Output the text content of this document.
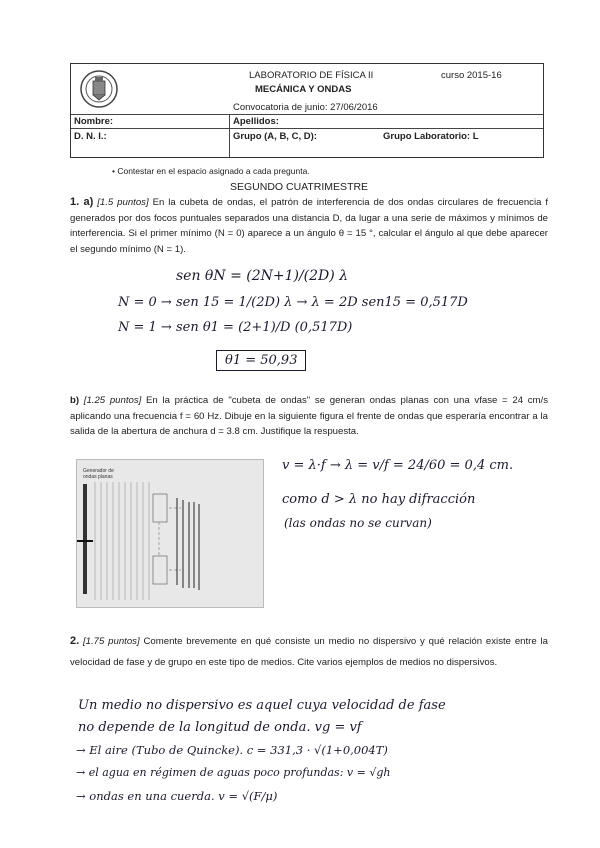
LABORATORIO DE FÍSICA II	curso 2015-16
MECÁNICA Y ONDAS
Convocatoria de junio: 27/06/2016
Nombre:	Apellidos:
D. N. I.:	Grupo (A, B, C, D):	Grupo Laboratorio: L
• Contestar en el espacio asignado a cada pregunta.
SEGUNDO CUATRIMESTRE
1. a) [1.5 puntos] En la cubeta de ondas, el patrón de interferencia de dos ondas circulares de frecuencia f generados por dos focos puntuales separados una distancia D, da lugar a una serie de máximos y mínimos de interferencia. Si el primer mínimo (N = 0) aparece a un ángulo θ = 15 °, calcular el ángulo al que debe aparecer el segundo mínimo (N = 1).
sen θN = (2N+1)/(2D) λ
N = 0 → sen 15 = 1/(2D) λ → λ = 2D sen15 = 0,517D
N = 1 → sen θ1 = (2+1)/D (0,517D)
θ1 = 50,93
b) [1.25 puntos] En la práctica de "cubeta de ondas" se generan ondas planas con una vfase = 24 cm/s aplicando una frecuencia f = 60 Hz. Dibuje en la siguiente figura el frente de ondas que esperaría encontrar a la salida de la abertura de anchura d = 3.8 cm. Justifique la respuesta.
Generador de
ondas planas
v = λ·f → λ = v/f = 24/60 = 0,4 cm.
como d > λ no hay difracción
(las ondas no se curvan)
2. [1.75 puntos] Comente brevemente en qué consiste un medio no dispersivo y qué relación existe entre la velocidad de fase y de grupo en este tipo de medios. Cite varios ejemplos de medios no dispersivos.
Un medio no dispersivo es aquel cuya velocidad de fase
no depende de la longitud de onda. vg = vf
→ El aire (Tubo de Quincke). c = 331,3 · √(1+0,004T)
→ el agua en régimen de aguas poco profundas: v = √gh
→ ondas en una cuerda. v = √(F/μ)
